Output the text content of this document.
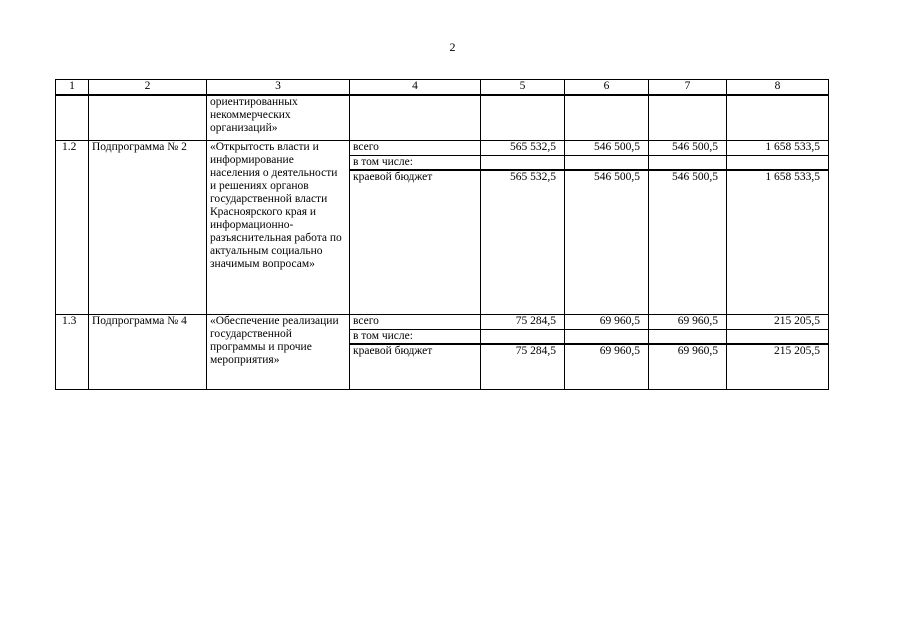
2
1	2	3	4	5	6	7	8
		ориентированных некоммерческих организаций»					
1.2	Подпрограмма № 2	«Открытость власти и информирование населения о деятельности и решениях органов государственной власти Красноярского края и информационно-разъяснительная работа по актуальным социально значимым вопросам»	всего	565 532,5	546 500,5	546 500,5	1 658 533,5
			в том числе:				
			краевой бюджет	565 532,5	546 500,5	546 500,5	1 658 533,5
1.3	Подпрограмма № 4	«Обеспечение реализации государственной программы и прочие мероприятия»	всего	75 284,5	69 960,5	69 960,5	215 205,5
			в том числе:				
			краевой бюджет	75 284,5	69 960,5	69 960,5	215 205,5
